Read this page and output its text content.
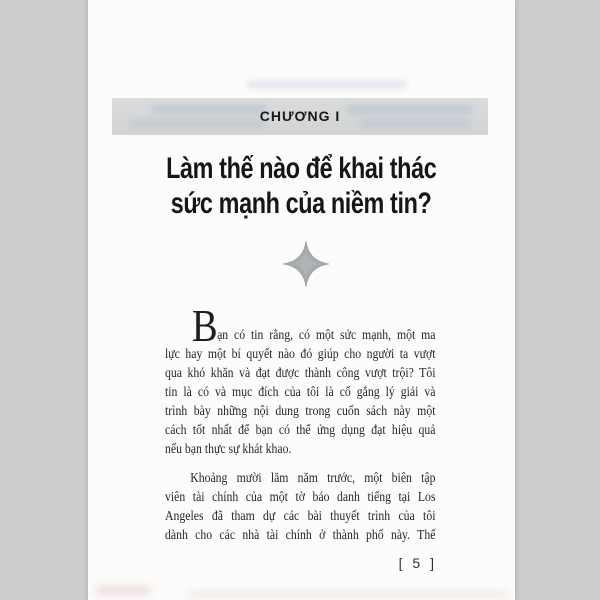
CHƯƠNG I
Làm thế nào để khai thác
sức mạnh của niềm tin?
B ạn có tin rằng, có một sức mạnh, một ma
lực hay một bí quyết nào đó giúp cho người ta vượt
qua khó khăn và đạt được thành công vượt trội? Tôi
tin là có và mục đích của tôi là cố gắng lý giải và
trình bày những nội dung trong cuốn sách này một
cách tốt nhất để bạn có thể ứng dụng đạt hiệu quả
nếu bạn thực sự khát khao.
Khoảng mười lăm năm trước, một biên tập
viên tài chính của một tờ báo danh tiếng tại Los
Angeles đã tham dự các bài thuyết trình của tôi
dành cho các nhà tài chính ở thành phố này. Thế
[ 5 ]
